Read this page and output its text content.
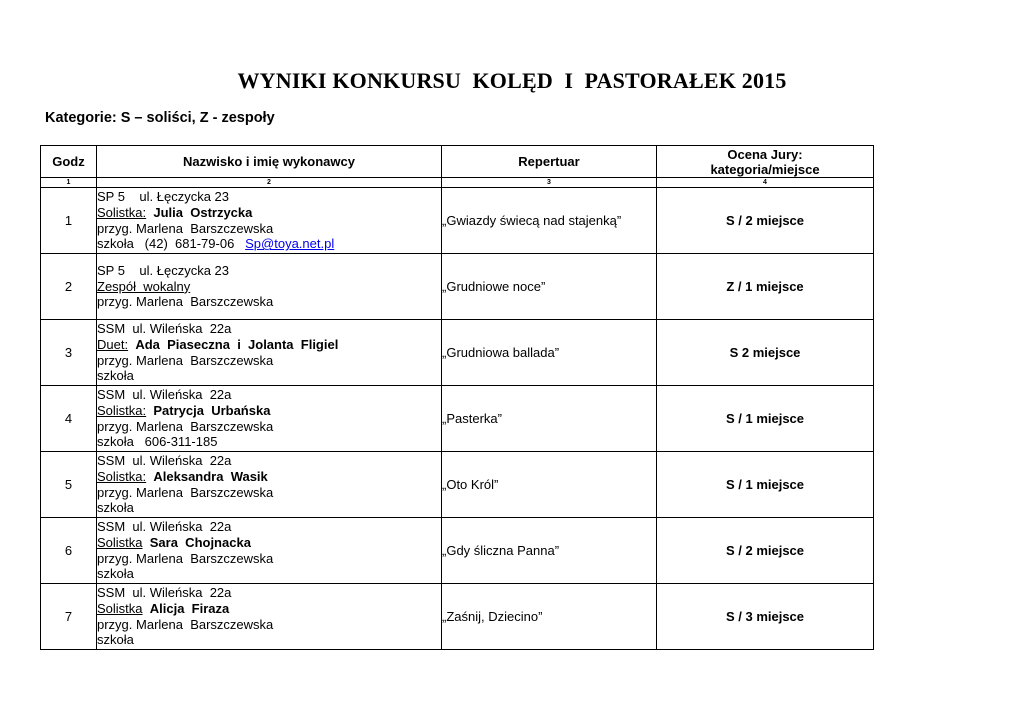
WYNIKI KONKURSU  KOLĘD  I  PASTORAŁEK 2015
Kategorie: S – soliści, Z - zespoły
Godz	Nazwisko i imię wykonawcy	Repertuar	Ocena Jury:
kategoria/miejsce

1	2	3	4
1	SP 5    ul. Łęczycka 23
Solistka: Julia  Ostrzycka
przyg. Marlena  Barszczewska
szkoła   (42)  681-79-06   Sp@toya.net.pl	„Gwiazdy świecą nad stajenką”	S / 2 miejsce
2	SP 5    ul. Łęczycka 23
Zespół  wokalny
przyg. Marlena  Barszczewska	„Grudniowe noce”	Z / 1 miejsce
3	SSM  ul. Wileńska  22a
Duet: Ada  Piaseczna  i  Jolanta  Fligiel
przyg. Marlena  Barszczewska
szkoła	„Grudniowa ballada”	S 2 miejsce
4	SSM  ul. Wileńska  22a
Solistka: Patrycja  Urbańska
przyg. Marlena  Barszczewska
szkoła   606-311-185	„Pasterka”	S / 1 miejsce
5	SSM  ul. Wileńska  22a
Solistka: Aleksandra  Wasik
przyg. Marlena  Barszczewska
szkoła	„Oto Król”	S / 1 miejsce
6	SSM  ul. Wileńska  22a
Solistka Sara  Chojnacka
przyg. Marlena  Barszczewska
szkoła	„Gdy śliczna Panna”	S / 2 miejsce
7	SSM  ul. Wileńska  22a
Solistka Alicja  Firaza
przyg. Marlena  Barszczewska
szkoła	„Zaśnij, Dziecino”	S / 3 miejsce
